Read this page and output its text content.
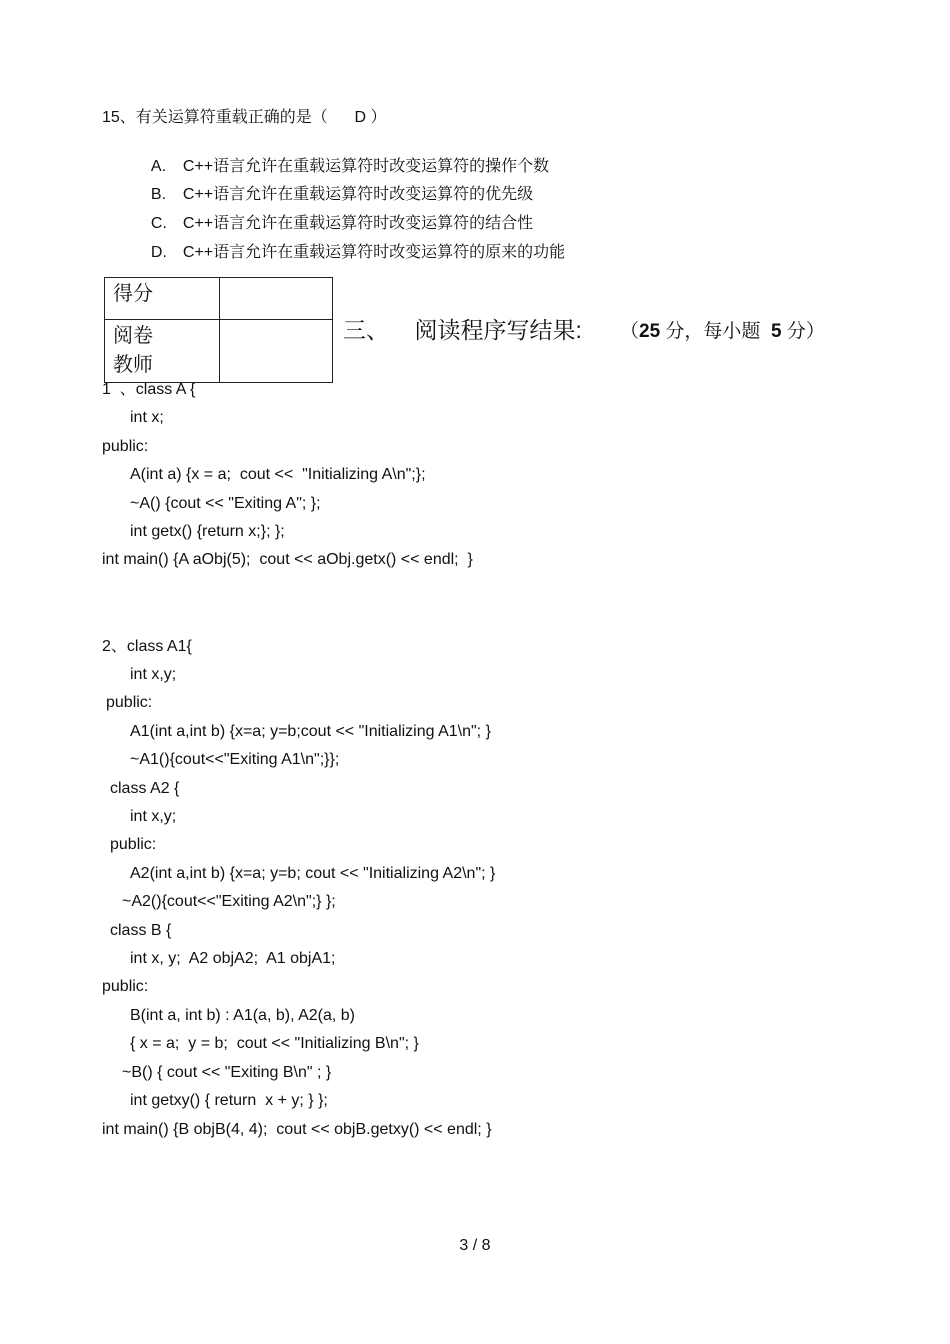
15、有关运算符重载正确的是（      D ）

A. C++语言允许在重载运算符时改变运算符的操作个数

B. C++语言允许在重载运算符时改变运算符的优先级

C. C++语言允许在重载运算符时改变运算符的结合性

D. C++语言允许在重载运算符时改变运算符的原来的功能

得分	

阅卷
教师	

三、    阅读程序写结果: （25 分，每小题  5 分）
1  、class A {
int x;
public:
A(int a) {x = a;  cout <<  "Initializing A\n";};
~A() {cout << "Exiting A"; };
int getx() {return x;}; };
int main() {A aObj(5);  cout << aObj.getx() << endl;  }
2、class A1{
int x,y;
public:
A1(int a,int b) {x=a; y=b;cout << "Initializing A1\n"; }
~A1(){cout<<"Exiting A1\n";}};
class A2 {
int x,y;
public:
A2(int a,int b) {x=a; y=b; cout << "Initializing A2\n"; }
~A2(){cout<<"Exiting A2\n";} };
class B {
int x, y;  A2 objA2;  A1 objA1;
public:
B(int a, int b) : A1(a, b), A2(a, b)
{ x = a;  y = b;  cout << "Initializing B\n"; }
~B() { cout << "Exiting B\n" ; }
int getxy() { return  x + y; } };
int main() {B objB(4, 4);  cout << objB.getxy() << endl; }
3 / 8
